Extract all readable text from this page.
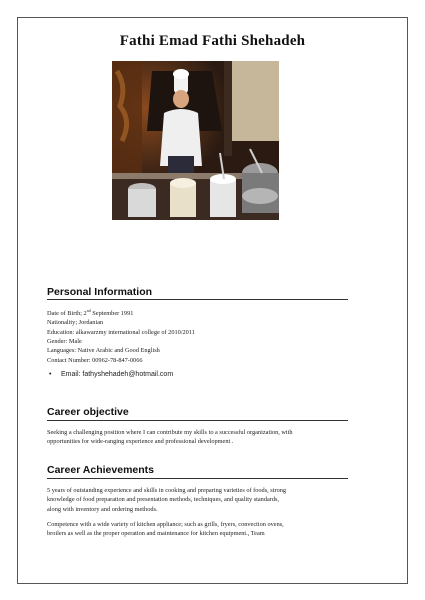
Fathi Emad Fathi Shehadeh
Personal Information
Date of Birth; 2nd September 1991
Nationality; Jordanian
Education: alkawarzmy international college of 2010/2011
Gender: Male
Languages: Native Arabic and Good English
Contact Number: 00962-78-847-0066
• Email: fathyshehadeh@hotmail.com
Career objective
Seeking a challenging position where I can contribute my skills to a successful organization, with
opportunities for wide-ranging experience and professional development .
Career Achievements
5 years of outstanding experience and skills in cooking and preparing varieties of foods, strong
knowledge of food preparation and presentation methods, techniques, and quality standards,
along with inventory and ordering methods.
Competence with a wide variety of kitchen appliance; such as grills, fryers, convection ovens,
broilers as well as the proper operation and maintenance for kitchen equipment., Team
